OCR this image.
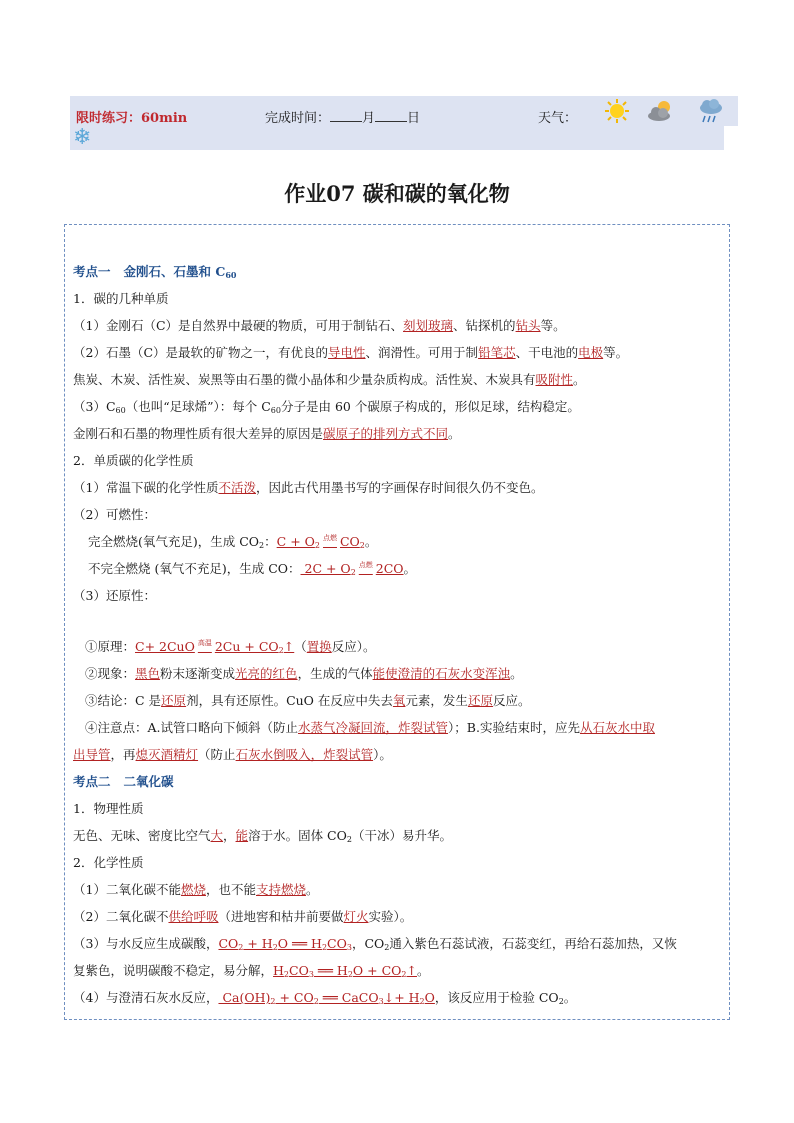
限时练习：60min	完成时间： 月 日	天气：
❄
作业07 碳和碳的氧化物
考点一   金刚石、石墨和 $C_{60}$
1．碳的几种单质
（1）金刚石（C）是自然界中最硬的物质，可用于制钻石、刻划玻璃、钻探机的钻头等。
（2）石墨（C）是最软的矿物之一，有优良的导电性、润滑性。可用于制铅笔芯、干电池的电极等。
焦炭、木炭、活性炭、炭黑等由石墨的微小晶体和少量杂质构成。活性炭、木炭具有吸附性。
$(3)C_{60}$（也叫“足球烯”）：每个 $C_{60}$分子是由 60 个碳原子构成的，形似足球，结构稳定。
金刚石和石墨的物理性质有很大差异的原因是碳原子的排列方式不同。
2．单质碳的化学性质
（1）常温下碳的化学性质不活泼，因此古代用墨书写的字画保存时间很久仍不变色。
（2）可燃性：
完全燃烧(氧气充足)，生成 $CO_2$：$C + O_2^{点燃}$ $CO_2$。
不完全燃烧 (氧气不充足)，生成 CO： $2C + O_2^{点燃}$ 2CO。
（3）还原性：
①原理：C+ 2CuO $^{高温}$ $2Cu + CO_2↑$（置换反应）。
②现象：黑色粉末逐渐变成光亮的红色，生成的气体能使澄清的石灰水变浑浊。
③结论：C 是还原剂，具有还原性。CuO 在反应中失去氧元素，发生还原反应。
④注意点：A.试管口略向下倾斜（防止水蒸气冷凝回流，炸裂试管）；B.实验结束时，应先从石灰水中取
出导管，再熄灭酒精灯（防止石灰水倒吸入，炸裂试管）。
考点二   二氧化碳
1．物理性质
无色、无味、密度比空气大，能溶于水。固体 $CO_2$（干冰）易升华。
2．化学性质
（1）二氧化碳不能燃烧，也不能支持燃烧。
（2）二氧化碳不供给呼吸（进地窖和枯井前要做灯火实验）。
（3）与水反应生成碳酸，$CO_2 + H_2O$ ══ $H_2CO_3$，$CO_2$通入紫色石蕊试液，石蕊变红，再给石蕊加热，又恢
复紫色，说明碳酸不稳定，易分解，$H_2CO_3$ ══ $H_2O$ + $CO_2↑$。
（4）与澄清石灰水反应， $Ca(OH)_2 + CO_2$ ══ CaCO$_3$↓+ $H_2O$，该反应用于检验 $CO_2$。
